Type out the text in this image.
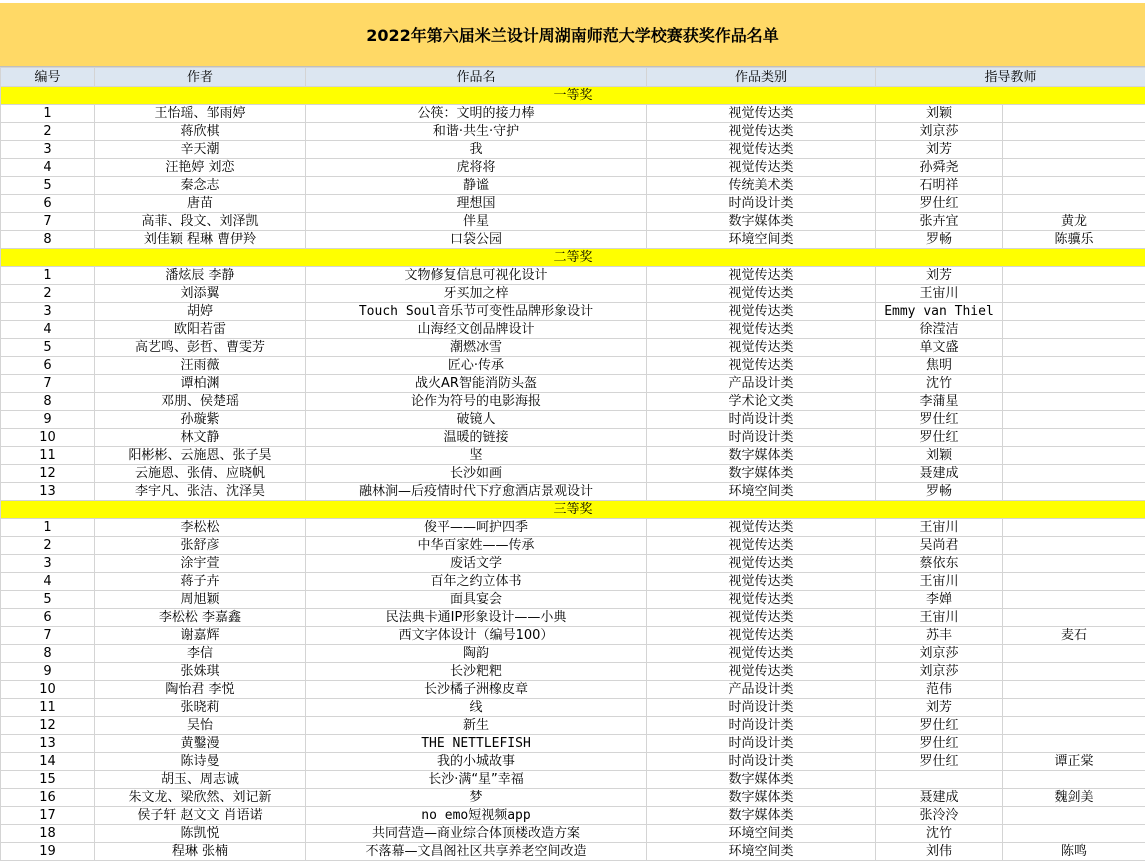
2022年第六届米兰设计周湖南师范大学校赛获奖作品名单
编号	作者	作品名	作品类别	指导教师	
一等奖					
1	王怡瑶、邹雨婷	公筷：文明的接力棒	视觉传达类	刘颖	
2	蒋欣棋	和谐·共生·守护	视觉传达类	刘京莎	
3	辛天潮	我	视觉传达类	刘芳	
4	汪艳婷 刘恋	虎将将	视觉传达类	孙舜尧	
5	秦念志	静谧	传统美术类	石明祥	
6	唐苗	理想国	时尚设计类	罗仕红	
7	高菲、段文、刘泽凯	伴星	数字媒体类	张卉宜	黄龙
8	刘佳颖 程琳 曹伊羚	口袋公园	环境空间类	罗畅	陈骥乐
二等奖					
1	潘炫辰 李静	文物修复信息可视化设计	视觉传达类	刘芳	
2	刘添翼	牙买加之梓	视觉传达类	王宙川	
3	胡婷	Touch Soul音乐节可变性品牌形象设计	视觉传达类	Emmy van Thiel	
4	欧阳若雷	山海经文创品牌设计	视觉传达类	徐滢洁	
5	高艺鸣、彭哲、曹雯芳	潮燃冰雪	视觉传达类	单文盛	
6	汪雨薇	匠心·传承	视觉传达类	焦明	
7	谭柏渊	战火AR智能消防头盔	产品设计类	沈竹	
8	邓朋、侯楚瑶	论作为符号的电影海报	学术论文类	李蒲星	
9	孙璇紫	破镜人	时尚设计类	罗仕红	
10	林文静	温暖的链接	时尚设计类	罗仕红	
11	阳彬彬、云施恩、张子昊	坚	数字媒体类	刘颖	
12	云施恩、张倩、应晓帆	长沙如画	数字媒体类	聂建成	
13	李宇凡、张洁、沈泽昊	融林涧—后疫情时代下疗愈酒店景观设计	环境空间类	罗畅	
三等奖					
1	李松松	俊平——呵护四季	视觉传达类	王宙川	
2	张舒彦	中华百家姓——传承	视觉传达类	吴尚君	
3	涂宇萱	废话文学	视觉传达类	蔡依东	
4	蒋子卉	百年之约立体书	视觉传达类	王宙川	
5	周旭颖	面具宴会	视觉传达类	李婵	
6	李松松 李嘉鑫	民法典卡通IP形象设计——小典	视觉传达类	王宙川	
7	谢嘉辉	西文字体设计（编号100）	视觉传达类	苏丰	麦石
8	李信	陶韵	视觉传达类	刘京莎	
9	张姝琪	长沙粑粑	视觉传达类	刘京莎	
10	陶怡君 李悦	长沙橘子洲橡皮章	产品设计类	范伟	
11	张晓莉	线	时尚设计类	刘芳	
12	吴怡	新生	时尚设计类	罗仕红	
13	黄鑿漫	THE NETTLEFISH	时尚设计类	罗仕红	
14	陈诗曼	我的小城故事	时尚设计类	罗仕红	谭正棠
15	胡玉、周志诚	长沙·满“星”幸福	数字媒体类		
16	朱文龙、梁欣然、刘记新	梦	数字媒体类	聂建成	魏剑美
17	侯子轩 赵文文 肖语诺	no emo短视频app	数字媒体类	张泠泠	
18	陈凯悦	共同营造—商业综合体顶楼改造方案	环境空间类	沈竹	
19	程琳 张楠	不落幕—文昌阁社区共享养老空间改造	环境空间类	刘伟	陈鸣
